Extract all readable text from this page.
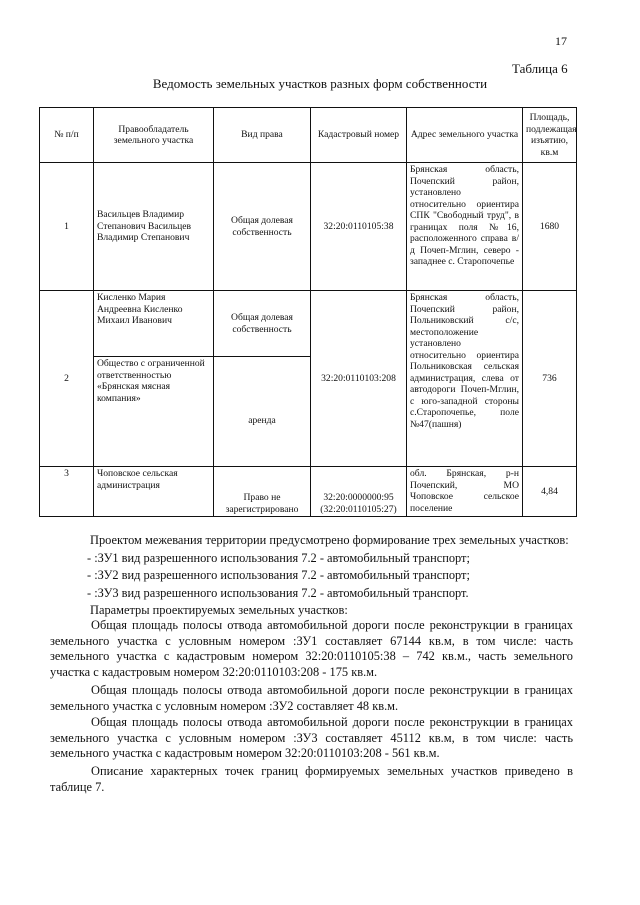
17
Таблица 6
Ведомость земельных участков разных форм собственности
№ п/п	Правообладатель земельного участка	Вид права	Кадастровый номер	Адрес земельного участка	Площадь, подлежащая изъятию, кв.м
1	Васильцев Владимир Степанович Васильцев Владимир Степанович	Общая долевая собственность	32:20:0110105:38	Брянская область, Почепский район, установлено относительно ориентира СПК "Свободный труд", в границах поля №16, расположенного справа в/д Почеп-Мглин, северо - западнее с. Старопочепье	1680
2	Кисленко Мария Андреевна Кисленко Михаил Иванович	Общая долевая собственность	32:20:0110103:208	Брянская область, Почепский район, Польниковский с/с, местоположение установлено относительно ориентира Польниковская сельская администрация, слева от автодороги Почеп-Мглин, с юго-западной стороны с.Старопочепье, поле №47(пашня)	736
	Общество с ограниченной ответственностью «Брянская мясная компания»	аренда			
3	Чоповское сельская администрация	Право не зарегистрировано	32:20:0000000:95 (32:20:0110105:27)	обл. Брянская, р-н Почепский, МО Чоповское сельское поселение	4,84
Проектом межевания территории предусмотрено формирование трех земельных участков:
- :ЗУ1 вид разрешенного использования 7.2 - автомобильный транспорт;
- :ЗУ2 вид разрешенного использования 7.2 - автомобильный транспорт;
- :ЗУ3 вид разрешенного использования 7.2 - автомобильный транспорт.
Параметры проектируемых земельных участков:
Общая площадь полосы отвода автомобильной дороги после реконструкции в границах земельного участка с условным номером :ЗУ1 составляет 67144 кв.м, в том числе: часть земельного участка с кадастровым номером 32:20:0110105:38 – 742 кв.м., часть земельного участка с кадастровым номером 32:20:0110103:208 - 175 кв.м.
Общая площадь полосы отвода автомобильной дороги после реконструкции в границах земельного участка с условным номером :ЗУ2 составляет 48 кв.м.
Общая площадь полосы отвода автомобильной дороги после реконструкции в границах земельного участка с условным номером :ЗУ3 составляет 45112 кв.м, в том числе: часть земельного участка с кадастровым номером 32:20:0110103:208 - 561 кв.м.
Описание характерных точек границ формируемых земельных участков приведено в таблице 7.
